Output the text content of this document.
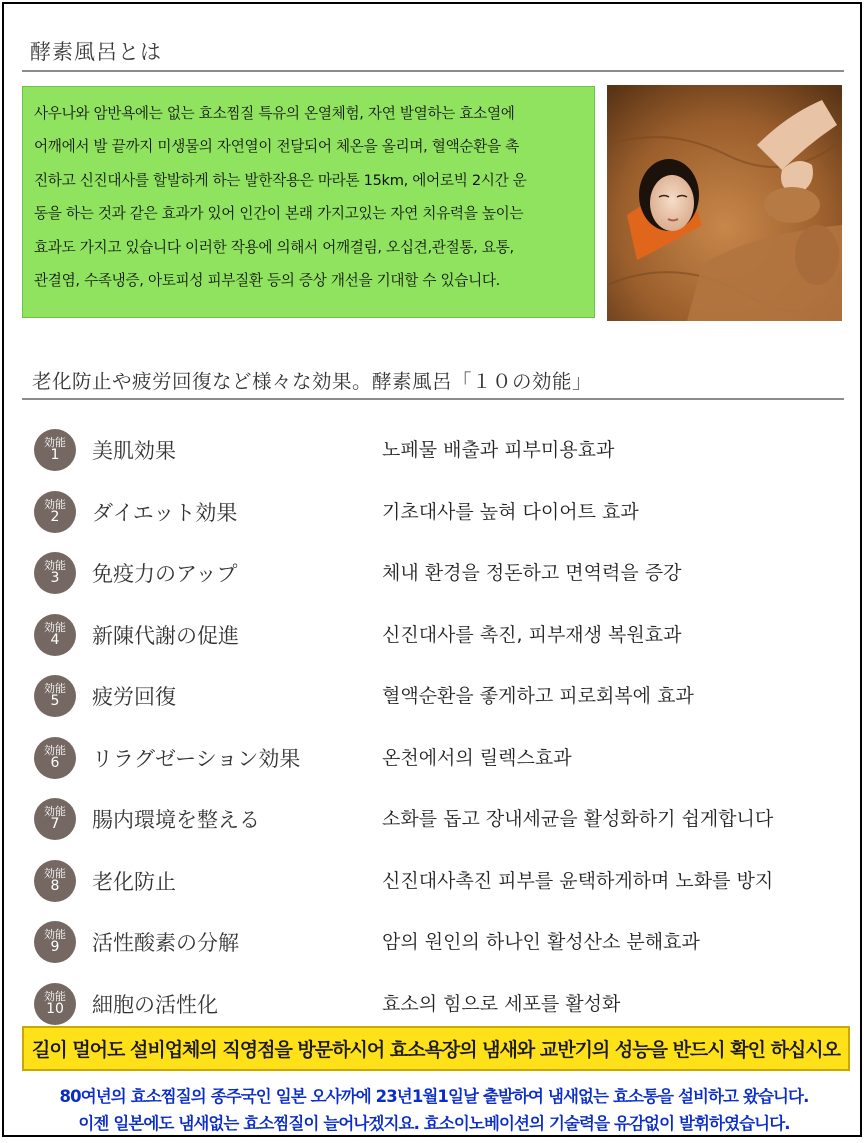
酵素風呂とは

사우나와 암반욕에는 없는 효소찜질 특유의 온열체험, 자연 발열하는 효소열에

어깨에서 발 끝까지 미생물의 자연열이 전달되어 체온을 올리며, 혈액순환을 촉

진하고 신진대사를 할발하게 하는 발한작용은 마라톤 15km, 에어로빅 2시간 운

동을 하는 것과 같은 효과가 있어 인간이 본래 가지고있는 자연 치유력을 높이는

효과도 가지고 있습니다 이러한 작용에 의해서 어깨결림, 오십견,관절통, 요통,

관결염, 수족냉증, 아토피성 피부질환 등의 증상 개선을 기대할 수 있습니다.

老化防止や疲労回復など様々な効果。酵素風呂「１０の効能」
効能
1	美肌効果	노페물 배출과 피부미용효과
効能
2	ダイエット効果	기초대사를 높혀 다이어트 효과
効能
3	免疫力のアップ	체내 환경을 정돈하고 면역력을 증강
効能
4	新陳代謝の促進	신진대사를 촉진, 피부재생 복원효과
効能
5	疲労回復	혈액순환을 좋게하고 피로회복에 효과
効能
6	リラグゼーション効果	온천에서의 릴렉스효과
効能
7	腸内環境を整える	소화를 돕고 장내세균을 활성화하기 쉽게합니다
効能
8	老化防止	신진대사촉진 피부를 윤택하게하며 노화를 방지
効能
9	活性酸素の分解	암의 원인의 하나인 활성산소 분해효과
効能
10	細胞の活性化	효소의 힘으로 세포를 활성화
길이 멀어도 설비업체의 직영점을 방문하시어 효소욕장의 냄새와 교반기의 성능을 반드시 확인 하십시오
80여년의 효소찜질의 종주국인 일본 오사까에 23년1월1일날 출발하여 냄새없는 효소통을 설비하고 왔습니다.
이젠 일본에도 냄새없는 효소찜질이 늘어나겠지요. 효소이노베이션의 기술력을 유감없이 발휘하였습니다.
